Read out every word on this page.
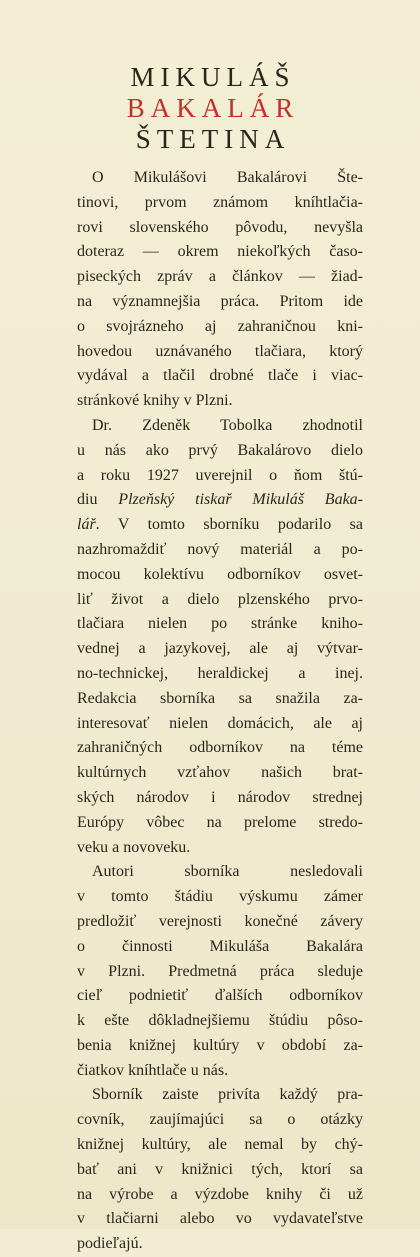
MIKULÁŠ
BAKALÁR
ŠTETINA
O Mikulášovi Bakalárovi Šte-
tinovi, prvom známom kníhtlačia-
rovi slovenského pôvodu, nevyšla
doteraz — okrem niekoľkých časo-
piseckých zpráv a článkov — žiad-
na významnejšia práca. Pritom ide
o svojrázneho aj zahraničnou kni-
hovedou uznávaného tlačiara, ktorý
vydával a tlačil drobné tlače i viac-
stránkové knihy v Plzni.
Dr. Zdeněk Tobolka zhodnotil
u nás ako prvý Bakalárovo dielo
a roku 1927 uverejnil o ňom štú-
diu Plzeňský tiskař Mikuláš Baka-
lář. V tomto sborníku podarilo sa
nazhromaždiť nový materiál a po-
mocou kolektívu odborníkov osvet-
liť život a dielo plzenského prvo-
tlačiara nielen po stránke kniho-
vednej a jazykovej, ale aj výtvar-
no-technickej, heraldickej a inej.
Redakcia sborníka sa snažila za-
interesovať nielen domácich, ale aj
zahraničných odborníkov na téme
kultúrnych vzťahov našich brat-
ských národov i národov strednej
Európy vôbec na prelome stredo-
veku a novoveku.
Autori sborníka nesledovali
v tomto štádiu výskumu zámer
predložiť verejnosti konečné závery
o činnosti Mikuláša Bakalára
v Plzni. Predmetná práca sleduje
cieľ podnietiť ďalších odborníkov
k ešte dôkladnejšiemu štúdiu pôso-
benia knižnej kultúry v období za-
čiatkov kníhtlače u nás.
Sborník zaiste privíta každý pra-
covník, zaujímajúci sa o otázky
knižnej kultúry, ale nemal by chý-
bať ani v knižnici tých, ktorí sa
na výrobe a výzdobe knihy či už
v tlačiarni alebo vo vydavateľstve
podieľajú.
